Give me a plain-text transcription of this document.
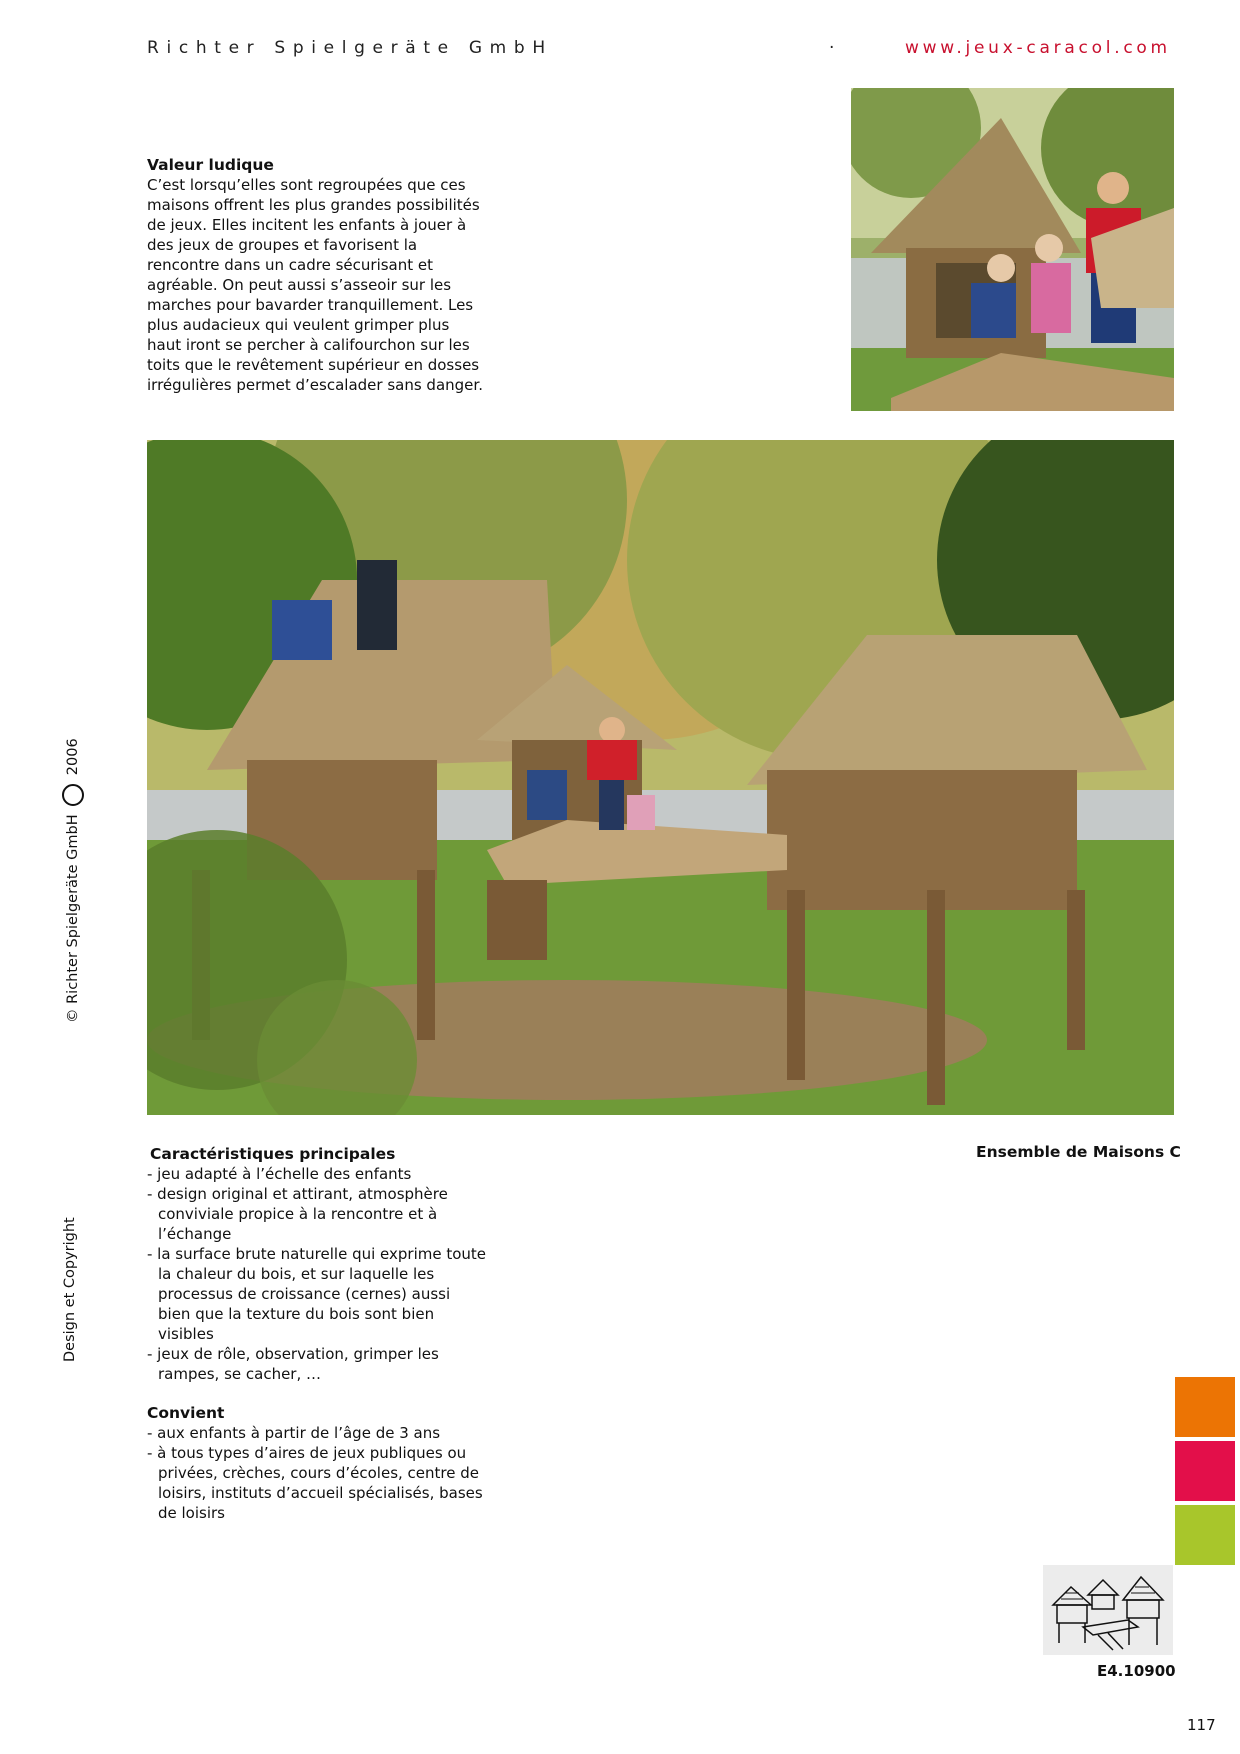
Richter Spielgeräte GmbH	·	www.jeux-caracol.com
Valeur ludique

C’est lorsqu’elles sont regroupées que ces maisons offrent les plus grandes possibilités de jeux. Elles incitent les enfants à jouer à des jeux de groupes et favorisent la rencontre dans un cadre sécurisant et agréable. On peut aussi s’asseoir sur les marches pour bavarder tranquillement. Les plus audacieux qui veulent grimper plus haut iront se percher à califourchon sur les toits que le revêtement supérieur en dosses irrégulières permet d’escalader sans danger.

Caractéristiques principales
- jeu adapté à l’échelle des enfants
- design original et attirant, atmosphère conviviale propice à la rencontre et à l’échange
- la surface brute naturelle qui exprime toute la chaleur du bois, et sur laquelle les processus de croissance (cernes) aussi bien que la texture du bois sont bien visibles
- jeux de rôle, observation, grimper les rampes, se cacher, …
Convient
- aux enfants à partir de l’âge de 3 ans
- à tous types d’aires de jeux publiques ou privées, crèches, cours d’écoles, centre de loisirs, instituts d’accueil spécialisés, bases de loisirs
Ensemble de Maisons C
© Richter Spielgeräte GmbH  2006
Design et Copyright
E4.10900
117
